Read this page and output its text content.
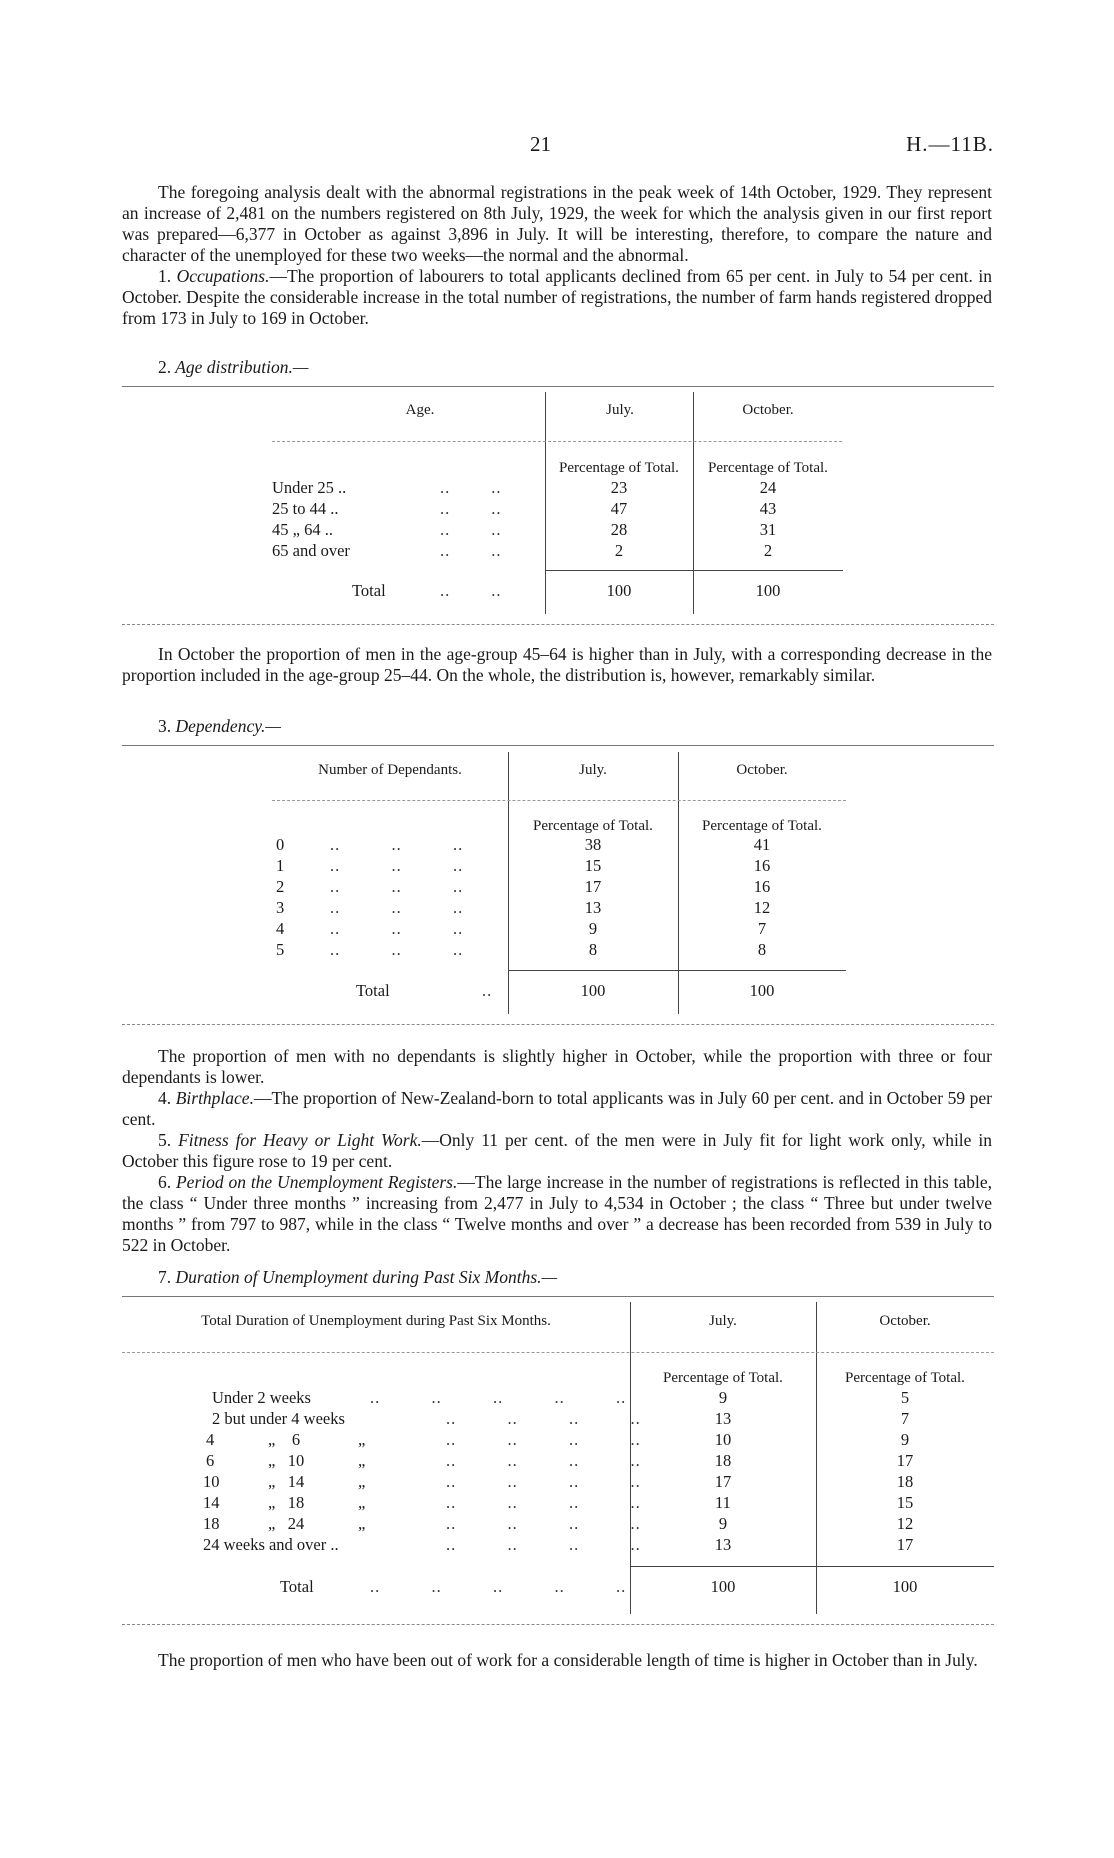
21	H.—11B.

The foregoing analysis dealt with the abnormal registrations in the peak week of 14th October, 1929. They represent an increase of 2,481 on the numbers registered on 8th July, 1929, the week for which the analysis given in our first report was prepared—6,377 in October as against 3,896 in July. It will be interesting, therefore, to compare the nature and character of the unemployed for these two weeks—the normal and the abnormal.

1. Occupations.—The proportion of labourers to total applicants declined from 65 per cent. in July to 54 per cent. in October. Despite the considerable increase in the total number of registrations, the number of farm hands registered dropped from 173 in July to 169 in October.

2. Age distribution.—
Age.	July.	October.
Percentage of Total.	Percentage of Total.
Under 25 ..	..        ..	23	24
25 to 44 ..	..        ..	47	43
45 „ 64 ..	..        ..	28	31
65 and over	..        ..	2	2
Total	..        ..	100	100

In October the proportion of men in the age-group 45–64 is higher than in July, with a corresponding decrease in the proportion included in the age-group 25–44. On the whole, the distribution is, however, remarkably similar.

3. Dependency.—
Number of Dependants.	July.	October.
Percentage of Total.	Percentage of Total.
0	..          ..          ..	38	41
1	..          ..          ..	15	16
2	..          ..          ..	17	16
3	..          ..          ..	13	12
4	..          ..          ..	9	7
5	..          ..          ..	8	8
Total	..	100	100

The proportion of men with no dependants is slightly higher in October, while the proportion with three or four dependants is lower.

4. Birthplace.—The proportion of New-Zealand-born to total applicants was in July 60 per cent. and in October 59 per cent.

5. Fitness for Heavy or Light Work.—Only 11 per cent. of the men were in July fit for light work only, while in October this figure rose to 19 per cent.

6. Period on the Unemployment Registers.—The large increase in the number of registrations is reflected in this table, the class “ Under three months ” increasing from 2,477 in July to 4,534 in October ; the class “ Three but under twelve months ” from 797 to 987, while in the class “ Twelve months and over ” a decrease has been recorded from 539 in July to 522 in October.

7. Duration of Unemployment during Past Six Months.—
Total Duration of Unemployment during Past Six Months.	July.	October.
Percentage of Total.	Percentage of Total.
Under 2 weeks	..          ..          ..          ..          ..	9	5
2 but under 4 weeks	..          ..          ..          ..	13	7
4	„    6	„	..          ..          ..          ..	10	9
6	„   10	„	..          ..          ..          ..	18	17
10	„   14	„	..          ..          ..          ..	17	18
14	„   18	„	..          ..          ..          ..	11	15
18	„   24	„	..          ..          ..          ..	9	12
24 weeks and over ..	..          ..          ..          ..	13	17
Total	..          ..          ..          ..          ..	100	100

The proportion of men who have been out of work for a considerable length of time is higher in October than in July.
